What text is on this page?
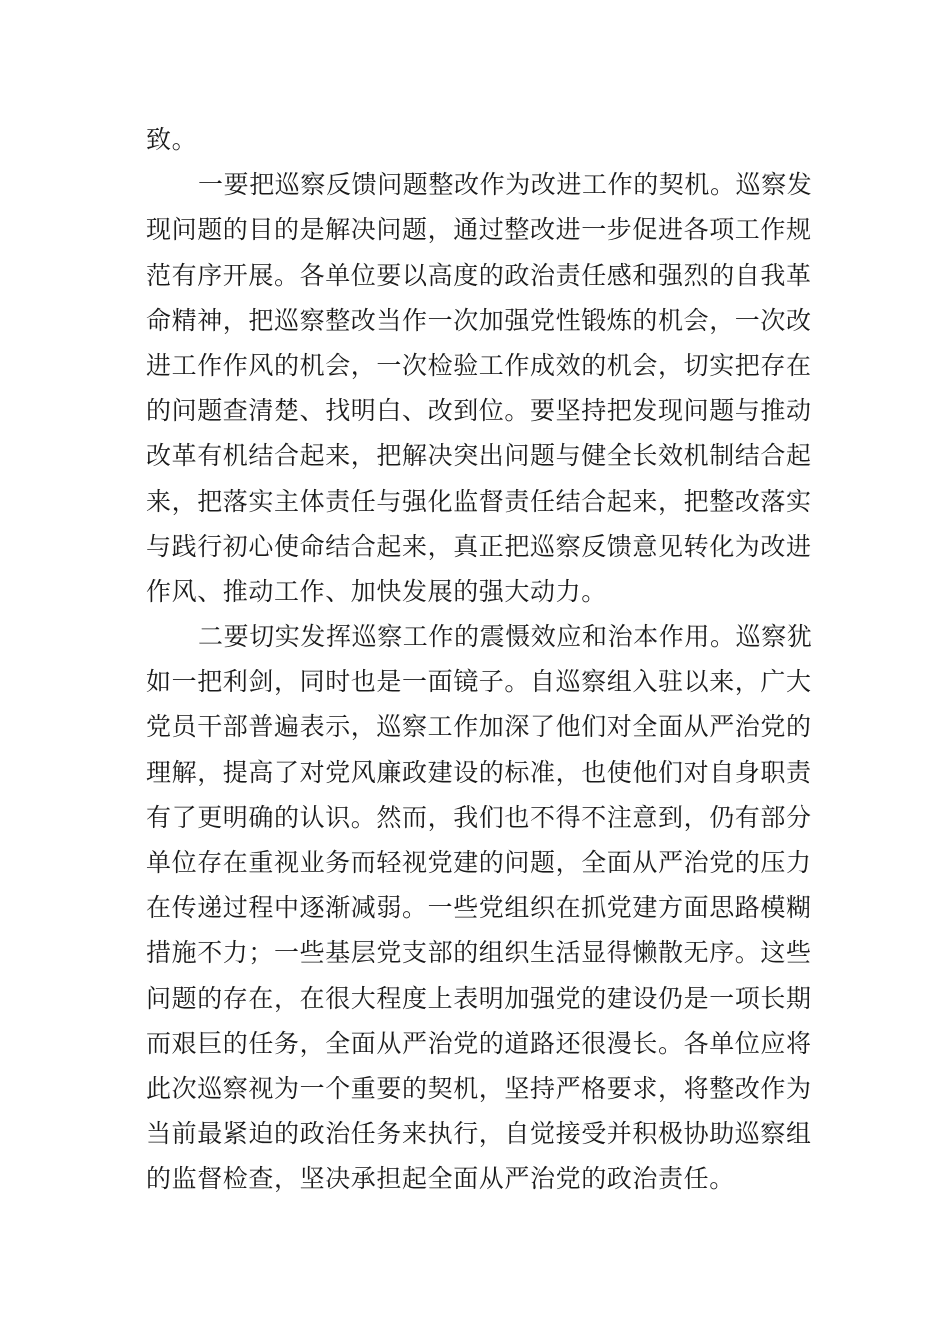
致。
一要把巡察反馈问题整改作为改进工作的契机。巡察发
现问题的目的是解决问题，通过整改进一步促进各项工作规
范有序开展。各单位要以高度的政治责任感和强烈的自我革
命精神，把巡察整改当作一次加强党性锻炼的机会，一次改
进工作作风的机会，一次检验工作成效的机会，切实把存在
的问题查清楚、找明白、改到位。要坚持把发现问题与推动
改革有机结合起来，把解决突出问题与健全长效机制结合起
来，把落实主体责任与强化监督责任结合起来，把整改落实
与践行初心使命结合起来，真正把巡察反馈意见转化为改进
作风、推动工作、加快发展的强大动力。
二要切实发挥巡察工作的震慑效应和治本作用。巡察犹
如一把利剑，同时也是一面镜子。自巡察组入驻以来，广大
党员干部普遍表示，巡察工作加深了他们对全面从严治党的
理解，提高了对党风廉政建设的标准，也使他们对自身职责
有了更明确的认识。然而，我们也不得不注意到，仍有部分
单位存在重视业务而轻视党建的问题，全面从严治党的压力
在传递过程中逐渐减弱。一些党组织在抓党建方面思路模糊
措施不力；一些基层党支部的组织生活显得懒散无序。这些
问题的存在，在很大程度上表明加强党的建设仍是一项长期
而艰巨的任务，全面从严治党的道路还很漫长。各单位应将
此次巡察视为一个重要的契机，坚持严格要求，将整改作为
当前最紧迫的政治任务来执行，自觉接受并积极协助巡察组
的监督检查，坚决承担起全面从严治党的政治责任。
